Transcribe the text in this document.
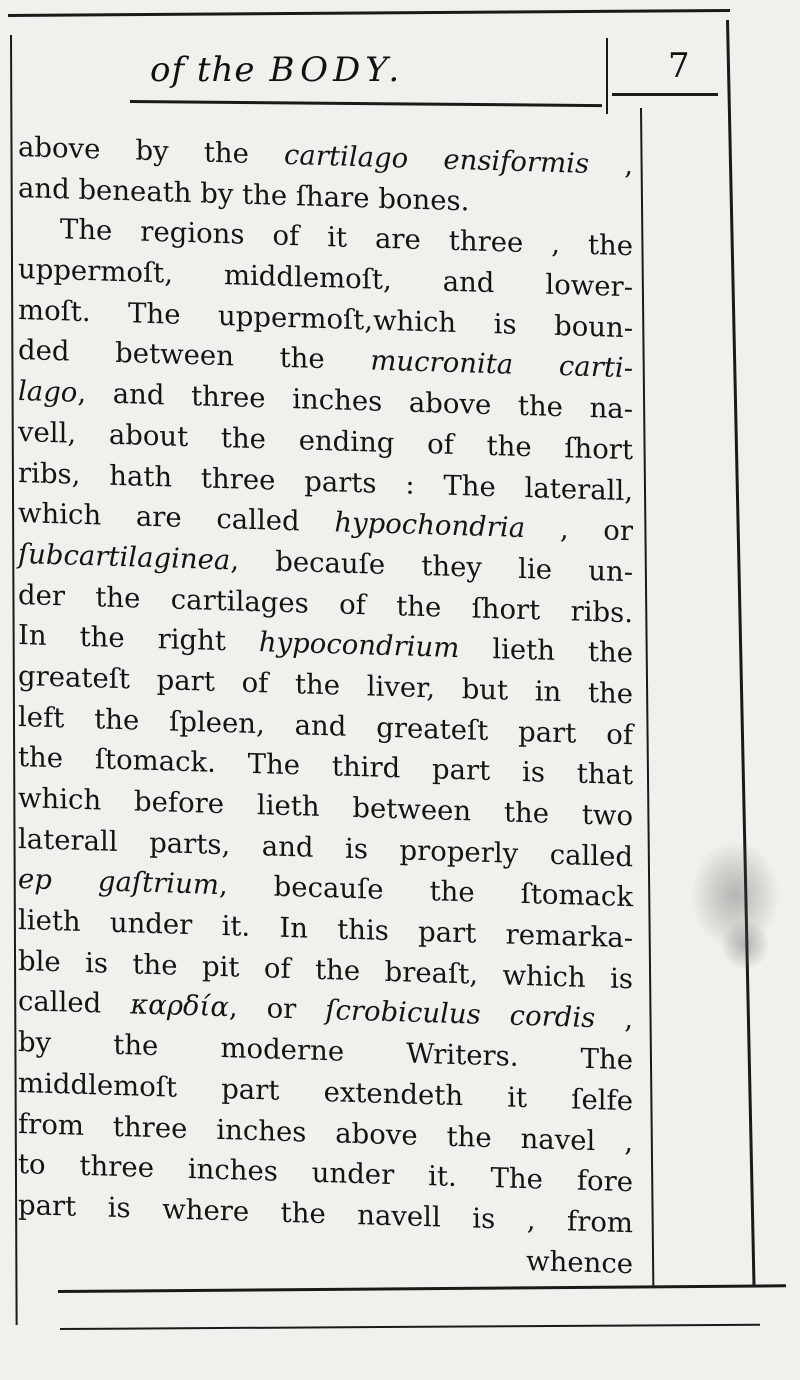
of the BODY.	7
above by the cartilago ensiformis ,
and beneath by the ſhare bones.
The regions of it are three , the
uppermoſt, middlemoſt, and lower-
moſt. The uppermoſt,which is boun-
ded between the mucronita carti-
lago, and three inches above the na-
vell, about the ending of the ſhort
ribs, hath three parts : The laterall,
which are called hypochondria , or
ſubcartilaginea, becauſe they lie un-
der the cartilages of the ſhort ribs.
In the right hypocondrium lieth the
greateſt part of the liver, but in the
left the ſpleen, and greateſt part of
the ſtomack. The third part is that
which before lieth between the two
laterall parts, and is properly called
ep gaſtrium, becauſe the ſtomack
lieth under it. In this part remarka-
ble is the pit of the breaſt, which is
called καρδία, or ſcrobiculus cordis ,
by the moderne Writers. The
middlemoſt part extendeth it ſelfe
from three inches above the navel ,
to three inches under it. The fore
part is where the navell is , from
whence
